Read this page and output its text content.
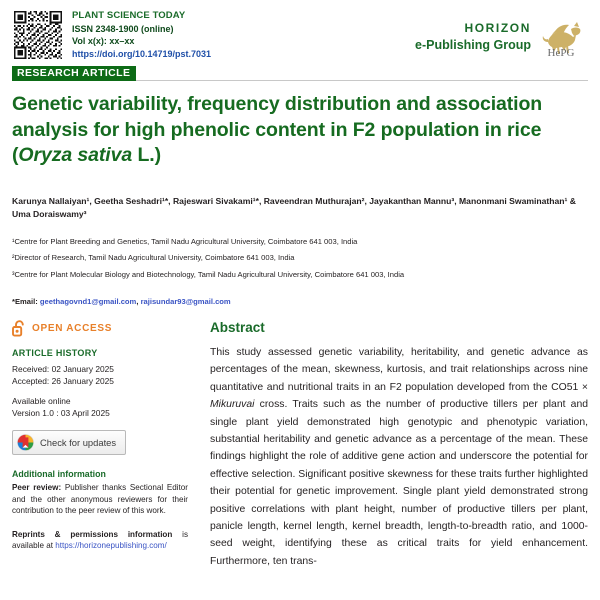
PLANT SCIENCE TODAY
ISSN 2348-1900 (online)
Vol x(x): xx–xx
https://doi.org/10.14719/pst.7031
HORIZON
e-Publishing Group
HePG
RESEARCH ARTICLE
Genetic variability, frequency distribution and association analysis for high phenolic content in F2 population in rice (Oryza sativa L.)
Karunya Nallaiyan¹, Geetha Seshadri¹*, Rajeswari Sivakami¹*, Raveendran Muthurajan², Jayakanthan Mannu³, Manonmani Swaminathan¹ & Uma Doraiswamy³
¹Centre for Plant Breeding and Genetics, Tamil Nadu Agricultural University, Coimbatore 641 003, India
²Director of Research, Tamil Nadu Agricultural University, Coimbatore 641 003, India
³Centre for Plant Molecular Biology and Biotechnology, Tamil Nadu Agricultural University, Coimbatore 641 003, India
*Email: geethagovnd1@gmail.com, rajisundar93@gmail.com
OPEN ACCESS
ARTICLE HISTORY
Received: 02 January 2025
Accepted: 26 January 2025
Available online
Version 1.0 : 03 April 2025
Check for updates
Additional information
Peer review: Publisher thanks Sectional Editor and the other anonymous reviewers for their contribution to the peer review of this work.
Reprints & permissions information is available at https://horizonepublishing.com/
Abstract
This study assessed genetic variability, heritability, and genetic advance as percentages of the mean, skewness, kurtosis, and trait relationships across nine quantitative and nutritional traits in an F2 population developed from the CO51 × Mikuruvai cross. Traits such as the number of productive tillers per plant and single plant yield demonstrated high genotypic and phenotypic variation, substantial heritability and genetic advance as a percentage of the mean. These findings highlight the role of additive gene action and underscore the potential for effective selection. Significant positive skewness for these traits further highlighted their potential for genetic improvement. Single plant yield demonstrated strong positive correlations with plant height, number of productive tillers per plant, panicle length, kernel length, kernel breadth, length-to-breadth ratio, and 1000-seed weight, identifying these as critical traits for yield enhancement. Furthermore, ten trans-
